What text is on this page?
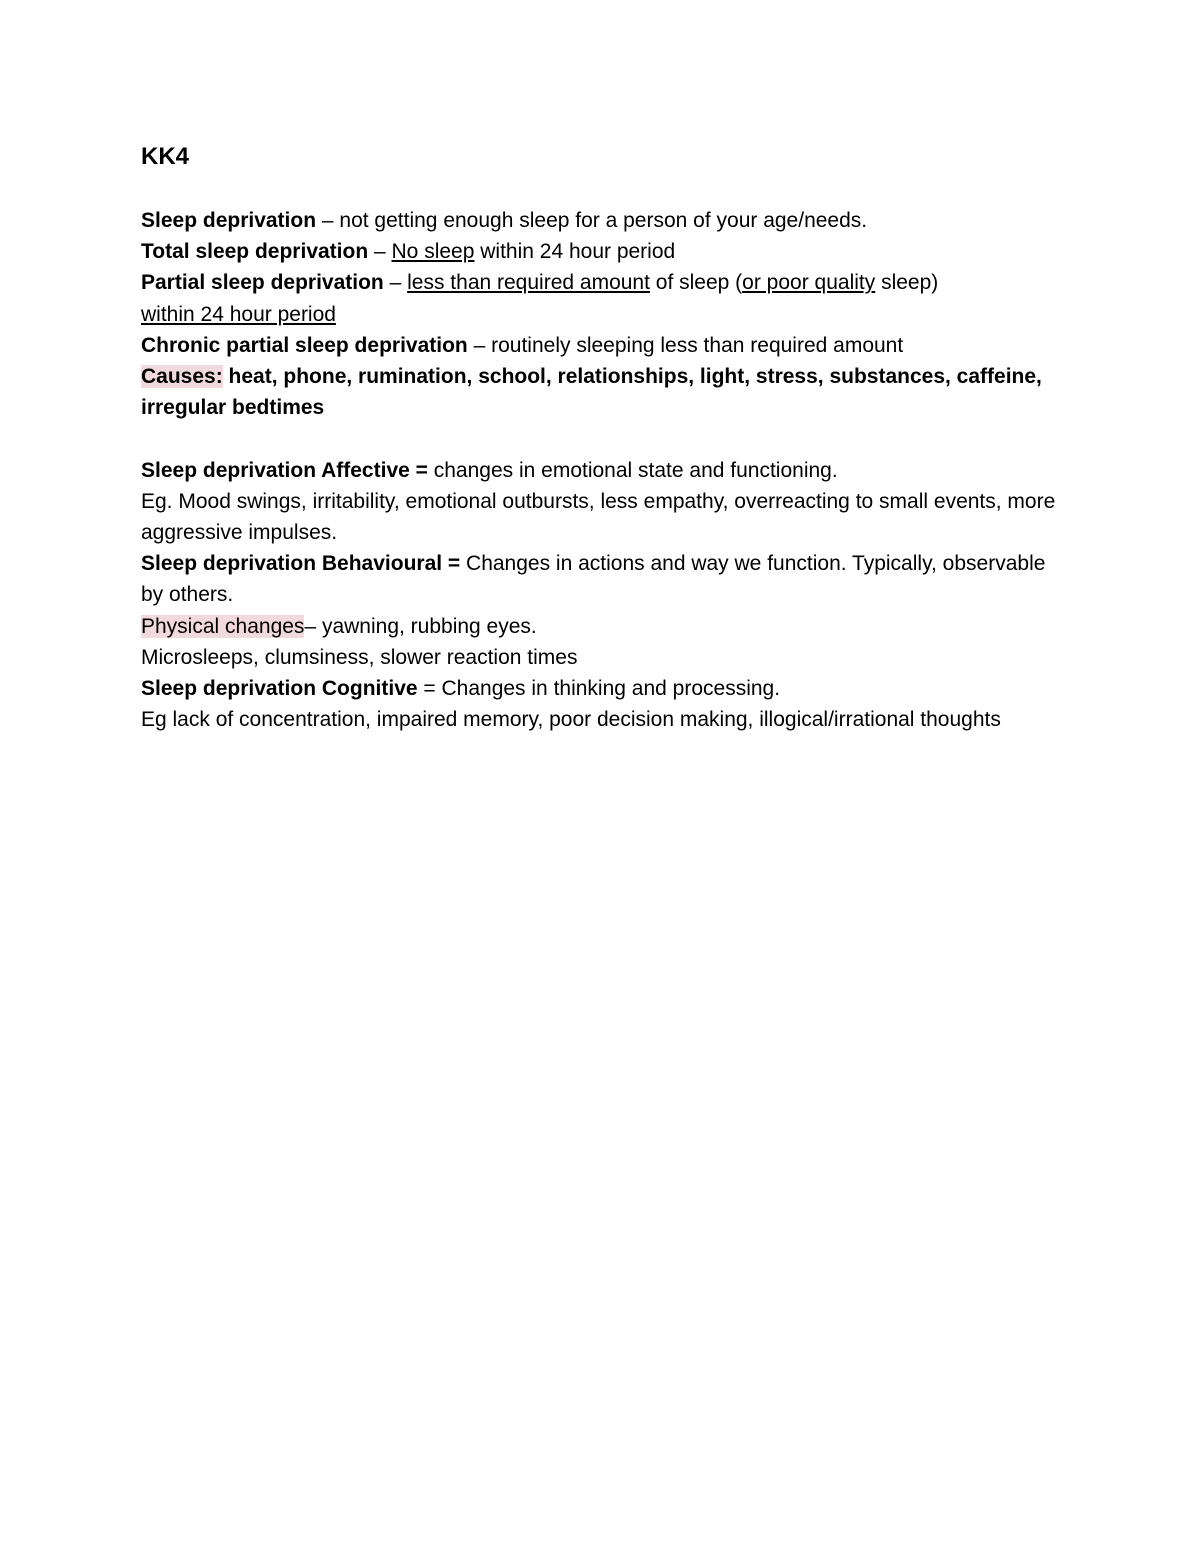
KK4

Sleep deprivation – not getting enough sleep for a person of your age/needs.

Total sleep deprivation – No sleep within 24 hour period

Partial sleep deprivation – less than required amount of sleep (or poor quality sleep)
within 24 hour period

Chronic partial sleep deprivation – routinely sleeping less than required amount

Causes: heat, phone, rumination, school, relationships, light, stress, substances, caffeine, irregular bedtimes

Sleep deprivation Affective = changes in emotional state and functioning.

Eg. Mood swings, irritability, emotional outbursts, less empathy, overreacting to small events, more aggressive impulses.

Sleep deprivation Behavioural = Changes in actions and way we function. Typically, observable by others.

Physical changes– yawning, rubbing eyes.

Microsleeps, clumsiness, slower reaction times

Sleep deprivation Cognitive = Changes in thinking and processing.

Eg lack of concentration, impaired memory, poor decision making, illogical/irrational thoughts
